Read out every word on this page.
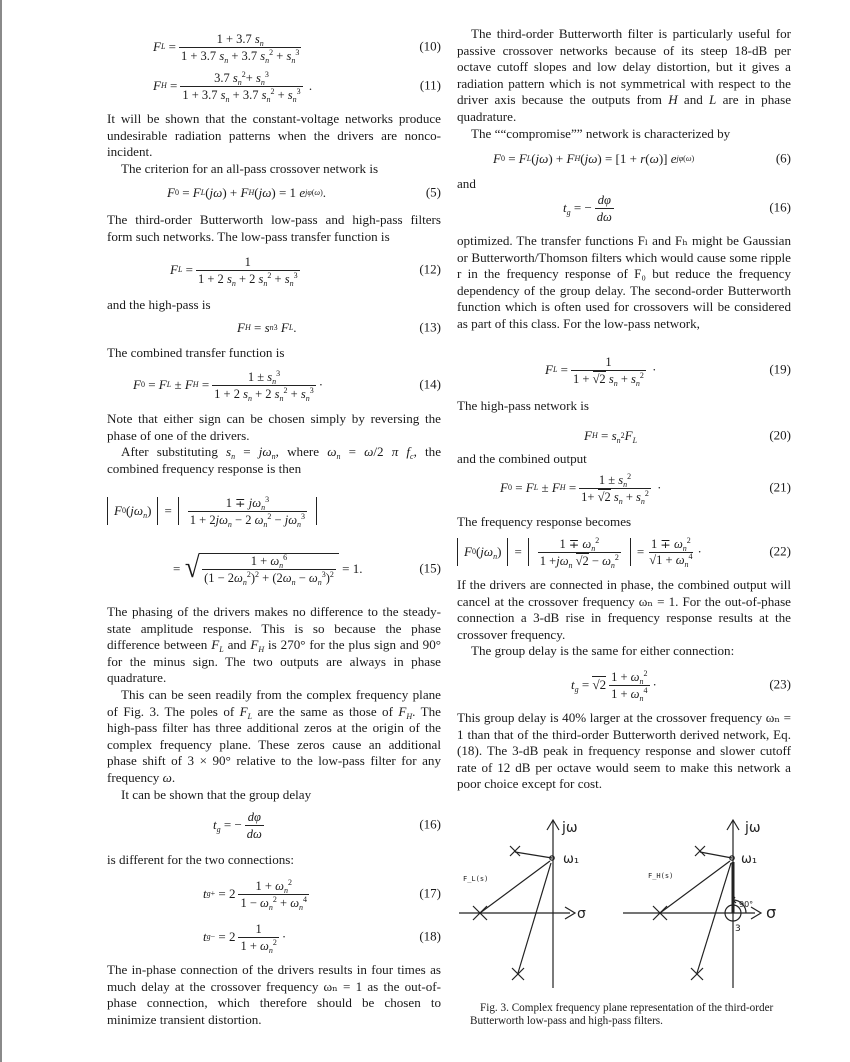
F $L = \frac{1 + 3.7 s_n}{1 + 3.7 s_n + 3.7 s_n^2 + s_n^3}$	(10)
F $H = \frac{3.7 s_n^2+ s_n^3}{1 + 3.7 s_n + 3.7 s_n^2 + s_n^3}$ .	(11)

It will be shown that the constant-voltage networks produce undesirable radiation patterns when the drivers are nonco-incident.

The criterion for an all-pass crossover network is

F 0 = F L ( jω ) + F H ( jω ) = 1 e jφ(ω) .	(5)

The third-order Butterworth low-pass and high-pass filters form such networks. The low-pass transfer function is

F $L = \frac{1}{1 + 2 s_n + 2 s_n^2 + s_n^3}$	(12)

and the high-pass is

F H = s n 3
F L .	(13)

The combined transfer function is

F 0 = F L ± F $H = \frac{1 \pm s_n^3}{1 + 2 s_n + 2 s_n^2 + s_n^3}$ ·	(14)

Note that either sign can be chosen simply by reversing the phase of one of the drivers.

After substituting $s_n = j\omega_n$, where $\omega_n = \omega/2$ π $f_c$, the combined frequency response is then

F 0 ( $j\omega_n$ ) = $\frac{1 \mp j\omega_n^3}{1 + 2j\omega_n - 2 \omega_n^2 - j\omega_n^3}$
= √ $\frac{1 + \omega_n^6}{(1 - 2\omega_n^2)^2 + (2\omega_n - \omega_n^3)^2}$
= 1.	(15)

The phasing of the drivers makes no difference to the steady-state amplitude response. This is so because the phase difference between $F_L$ and $F_H$ is 270° for the plus sign and 90° for the minus sign. The two outputs are always in phase quadrature.

This can be seen readily from the complex frequency plane of Fig. 3. The poles of $F_L$ are the same as those of $F_H$. The high-pass filter has three additional zeros at the origin of the complex frequency plane. These zeros cause an additional phase shift of 3 × 90° relative to the low-pass filter for any frequency ω.

It can be shown that the group delay

$t_g$ = − $\frac{d\varphi}{d\omega}$	(16)

is different for the two connections:

t $g+ = 2 \frac{1 + \omega_n^2}{1 - \omega_n^2 + \omega_n^4}$	(17)
t $g- = 2 \frac{1}{1 + \omega_n^2}$ ·	(18)

The in-phase connection of the drivers results in four times as much delay at the crossover frequency ωₙ = 1 as the out-of-phase connection, which therefore should be chosen to minimize transient distortion.

The third-order Butterworth filter is particularly useful for passive crossover networks because of its steep 18-dB per octave cutoff slopes and low delay distortion, but it gives a radiation pattern which is not symmetrical with respect to the driver axis because the outputs from H and L are in phase quadrature.

The ““compromise”” network is characterized by

F 0 = F L ( jω ) + F H ( jω ) = [1 + r ( ω )] e jφ(ω)	(6)

and

$t_g$ = − $\frac{d\varphi}{d\omega}$	(16)

optimized. The transfer functions Fₗ and Fₕ might be Gaussian or Butterworth/Thomson filters which would cause some ripple r in the frequency response of F₀ but reduce the frequency dependency of the group delay. The second-order Butterworth function which is often used for crossovers will be considered as part of this class. For the low-pass network,

F $L = \frac{1}{1 + √2 s_n + s_n^2}$ ·	(19)

The high-pass network is

F $H = s_n$
2 $F_L$	(20)

and the combined output

F 0 = F L ± F $H = \frac{1 \pm s_n^2}{1+ √2 s_n + s_n^2}$ ·	(21)

The frequency response becomes

F 0 ( $j\omega_n$ ) = $\frac{1 \mp \omega_n^2}{1 +j\omega_n √2 - \omega_n^2} = 1 \mp \omega_n^2$
$√1 + \omega_n^4$ ·	(22)

If the drivers are connected in phase, the combined output will cancel at the crossover frequency ωₙ = 1. For the out-of-phase connection a 3-dB rise in frequency response results at the crossover frequency.

The group delay is the same for either connection:

$t_g = √2 \frac{1 + \omega_n^2}{1 + \omega_n^4}$ ·	(23)

This group delay is 40% larger at the crossover frequency ωₙ = 1 than that of the third-order Butterworth derived network, Eq. (18). The 3-dB peak in frequency response and slower cutoff rate of 12 dB per octave would seem to make this network a poor choice except for cost.

jω
ω₁
σ
F_L(s)
jω
ω₁
σ
90°
3
F_H(s)
Fig. 3. Complex frequency plane representation of the third-order Butterworth low-pass and high-pass filters.
